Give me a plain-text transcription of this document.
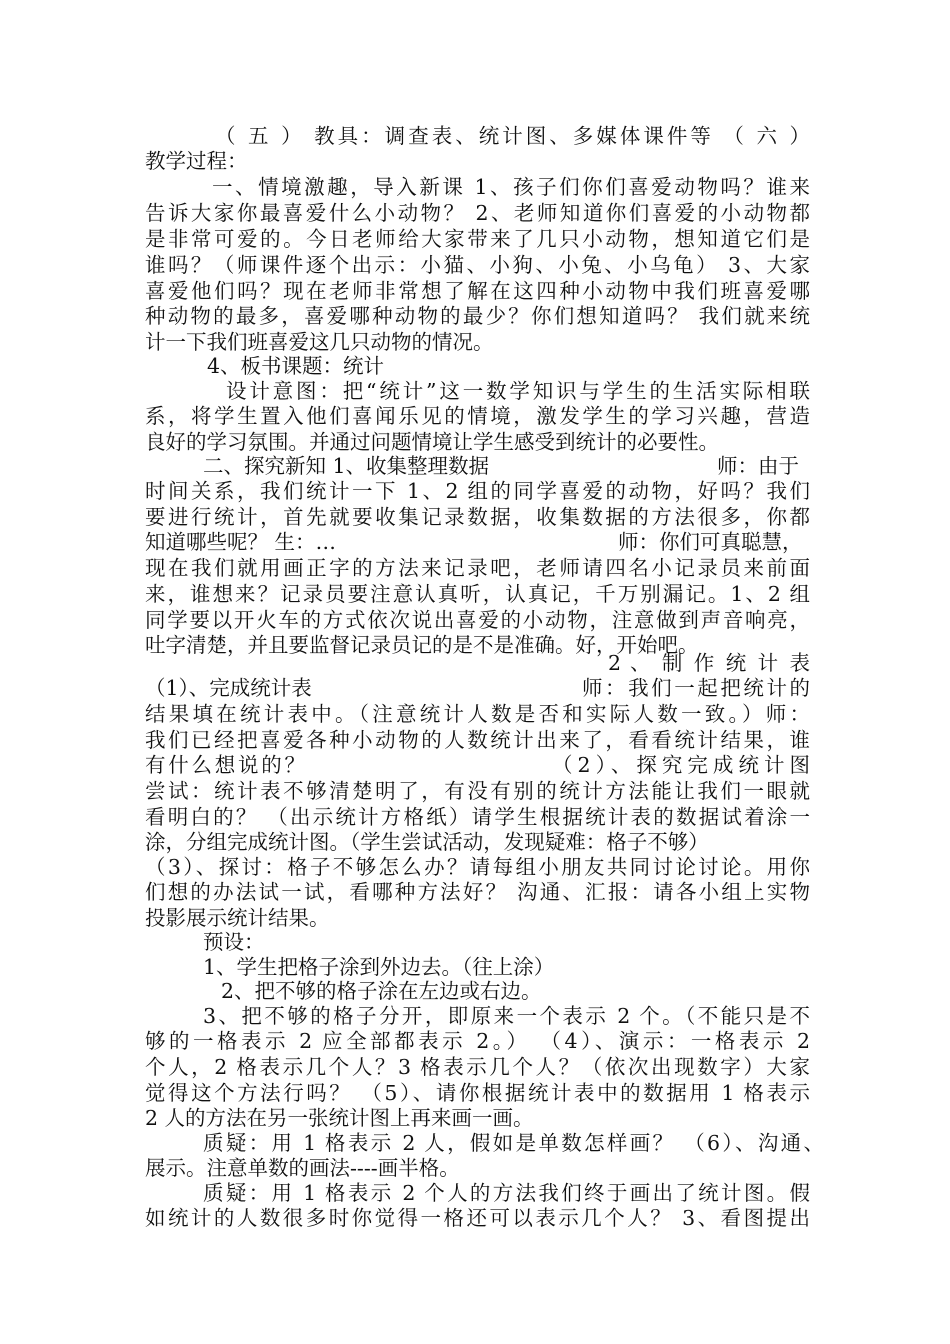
（ 五 ） 教具：调查表、统计图、多媒体课件等 （ 六 ）
教学过程：
一、情境激趣，导入新课 1、孩子们你们喜爱动物吗？谁来
告诉大家你最喜爱什么小动物？ 2、老师知道你们喜爱的小动物都
是非常可爱的。今日老师给大家带来了几只小动物，想知道它们是
谁吗？（师课件逐个出示：小猫、小狗、小兔、小乌龟） 3、大家
喜爱他们吗？现在老师非常想了解在这四种小动物中我们班喜爱哪
种动物的最多，喜爱哪种动物的最少？你们想知道吗？ 我们就来统
计一下我们班喜爱这几只动物的情况。
4、板书课题：统计
设计意图：把“统计”这一数学知识与学生的生活实际相联
系，将学生置入他们喜闻乐见的情境，激发学生的学习兴趣，营造
良好的学习氛围。并通过问题情境让学生感受到统计的必要性。
二、探究新知 1、收集整理数据	师：由于
时间关系，我们统计一下 1、2 组的同学喜爱的动物，好吗？我们
要进行统计，首先就要收集记录数据，收集数据的方法很多，你都
知道哪些呢？ 生：…	师：你们可真聪慧，
现在我们就用画正字的方法来记录吧，老师请四名小记录员来前面
来，谁想来？记录员要注意认真听，认真记，千万别漏记。1、2 组
同学要以开火车的方式依次说出喜爱的小动物，注意做到声音响亮，
吐字清楚，并且要监督记录员记的是不是准确。好，开始吧。
2 、 制 作 统 计 表
（1）、完成统计表	师：我们一起把统计的
结果填在统计表中。（注意统计人数是否和实际人数一致。）师：
我们已经把喜爱各种小动物的人数统计出来了，看看统计结果，谁
有什么想说的？	（2）、探究完成统计图
尝试：统计表不够清楚明了，有没有别的统计方法能让我们一眼就
看明白的？ （出示统计方格纸）请学生根据统计表的数据试着涂一
涂，分组完成统计图。（学生尝试活动，发现疑难：格子不够）
（3）、探讨：格子不够怎么办？请每组小朋友共同讨论讨论。用你
们想的办法试一试，看哪种方法好？ 沟通、汇报：请各小组上实物
投影展示统计结果。
预设：
1、学生把格子涂到外边去。（往上涂）
2、把不够的格子涂在左边或右边。
3、把不够的格子分开，即原来一个表示 2 个。（不能只是不
够的一格表示 2 应全部都表示 2。） （4）、演示：一格表示 2
个人，2 格表示几个人？3 格表示几个人？（依次出现数字）大家
觉得这个方法行吗？ （5）、请你根据统计表中的数据用 1 格表示
2 人的方法在另一张统计图上再来画一画。
质疑：用 1 格表示 2 人，假如是单数怎样画？ （6）、沟通、
展示。注意单数的画法----画半格。
质疑：用 1 格表示 2 个人的方法我们终于画出了统计图。假
如统计的人数很多时你觉得一格还可以表示几个人？ 3、看图提出
